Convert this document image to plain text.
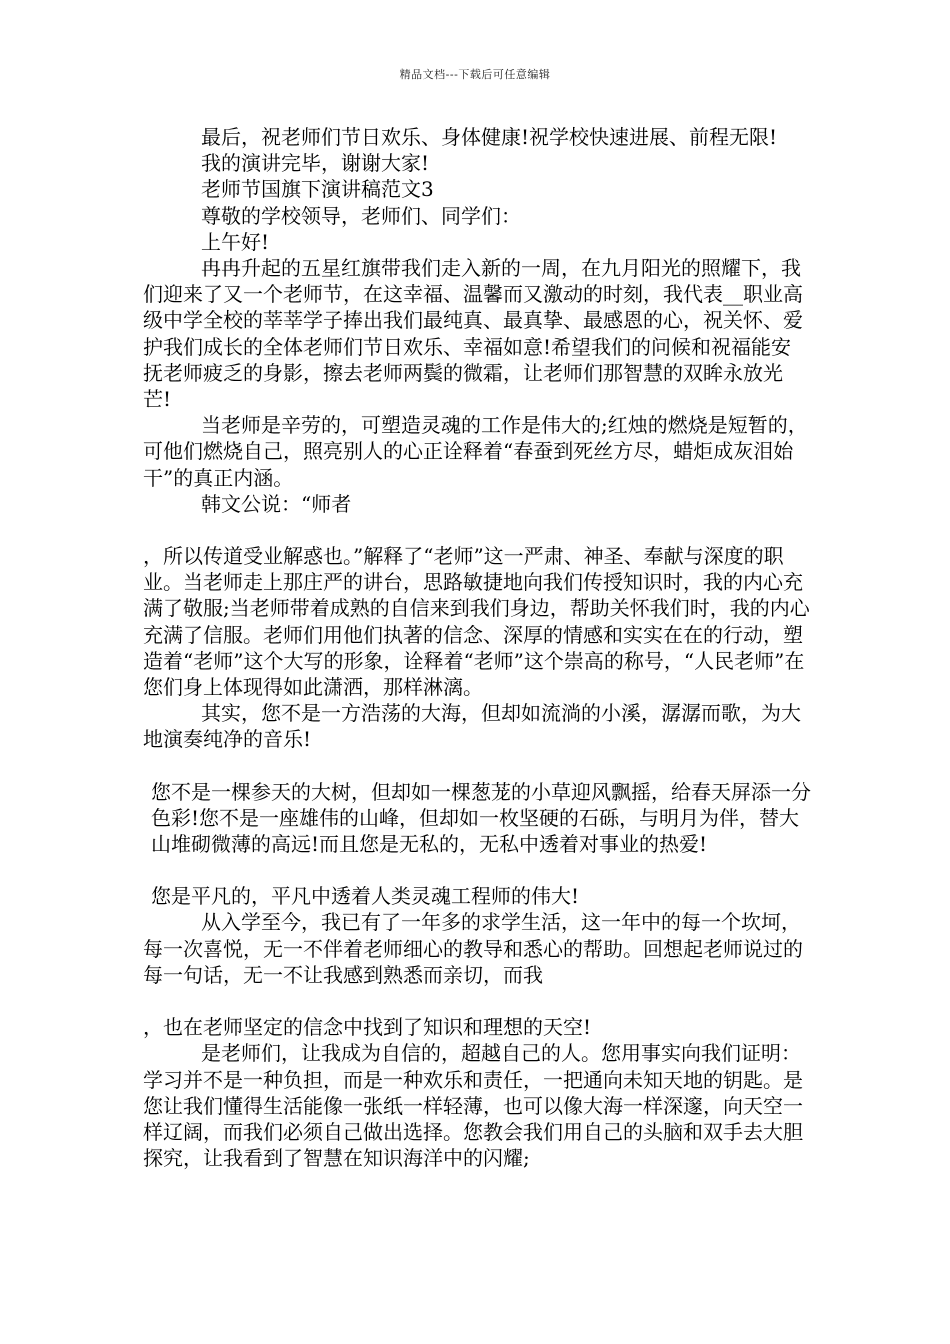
精品文档---下载后可任意编辑

最后，祝老师们节日欢乐、身体健康!祝学校快速进展、前程无限!

我的演讲完毕，谢谢大家!

老师节国旗下演讲稿范文3

尊敬的学校领导，老师们、同学们：

上午好!

冉冉升起的五星红旗带我们走入新的一周，在九月阳光的照耀下，我们迎来了又一个老师节，在这幸福、温馨而又激动的时刻，我代表__职业高级中学全校的莘莘学子捧出我们最纯真、最真挚、最感恩的心，祝关怀、爱护我们成长的全体老师们节日欢乐、幸福如意!希望我们的问候和祝福能安抚老师疲乏的身影，擦去老师两鬓的微霜，让老师们那智慧的双眸永放光芒!

当老师是辛劳的，可塑造灵魂的工作是伟大的;红烛的燃烧是短暂的，可他们燃烧自己，照亮别人的心正诠释着“春蚕到死丝方尽，蜡炬成灰泪始干”的真正内涵。

韩文公说：“师者

，所以传道受业解惑也。”解释了“老师”这一严肃、神圣、奉献与深度的职业。当老师走上那庄严的讲台，思路敏捷地向我们传授知识时，我的内心充满了敬服;当老师带着成熟的自信来到我们身边，帮助关怀我们时，我的内心充满了信服。老师们用他们执著的信念、深厚的情感和实实在在的行动，塑造着“老师”这个大写的形象，诠释着“老师”这个崇高的称号，“人民老师”在您们身上体现得如此潇洒，那样淋漓。

其实，您不是一方浩荡的大海，但却如流淌的小溪，潺潺而歌，为大地演奏纯净的音乐!

您不是一棵参天的大树，但却如一棵葱茏的小草迎风飘摇，给春天屏添一分色彩!您不是一座雄伟的山峰，但却如一枚坚硬的石砾，与明月为伴，替大山堆砌微薄的高远!而且您是无私的，无私中透着对事业的热爱!

您是平凡的，平凡中透着人类灵魂工程师的伟大!

从入学至今，我已有了一年多的求学生活，这一年中的每一个坎坷，每一次喜悦，无一不伴着老师细心的教导和悉心的帮助。回想起老师说过的每一句话，无一不让我感到熟悉而亲切，而我

，也在老师坚定的信念中找到了知识和理想的天空!

是老师们，让我成为自信的，超越自己的人。您用事实向我们证明：学习并不是一种负担，而是一种欢乐和责任，一把通向未知天地的钥匙。是您让我们懂得生活能像一张纸一样轻薄，也可以像大海一样深邃，向天空一样辽阔，而我们必须自己做出选择。您教会我们用自己的头脑和双手去大胆探究，让我看到了智慧在知识海洋中的闪耀;
